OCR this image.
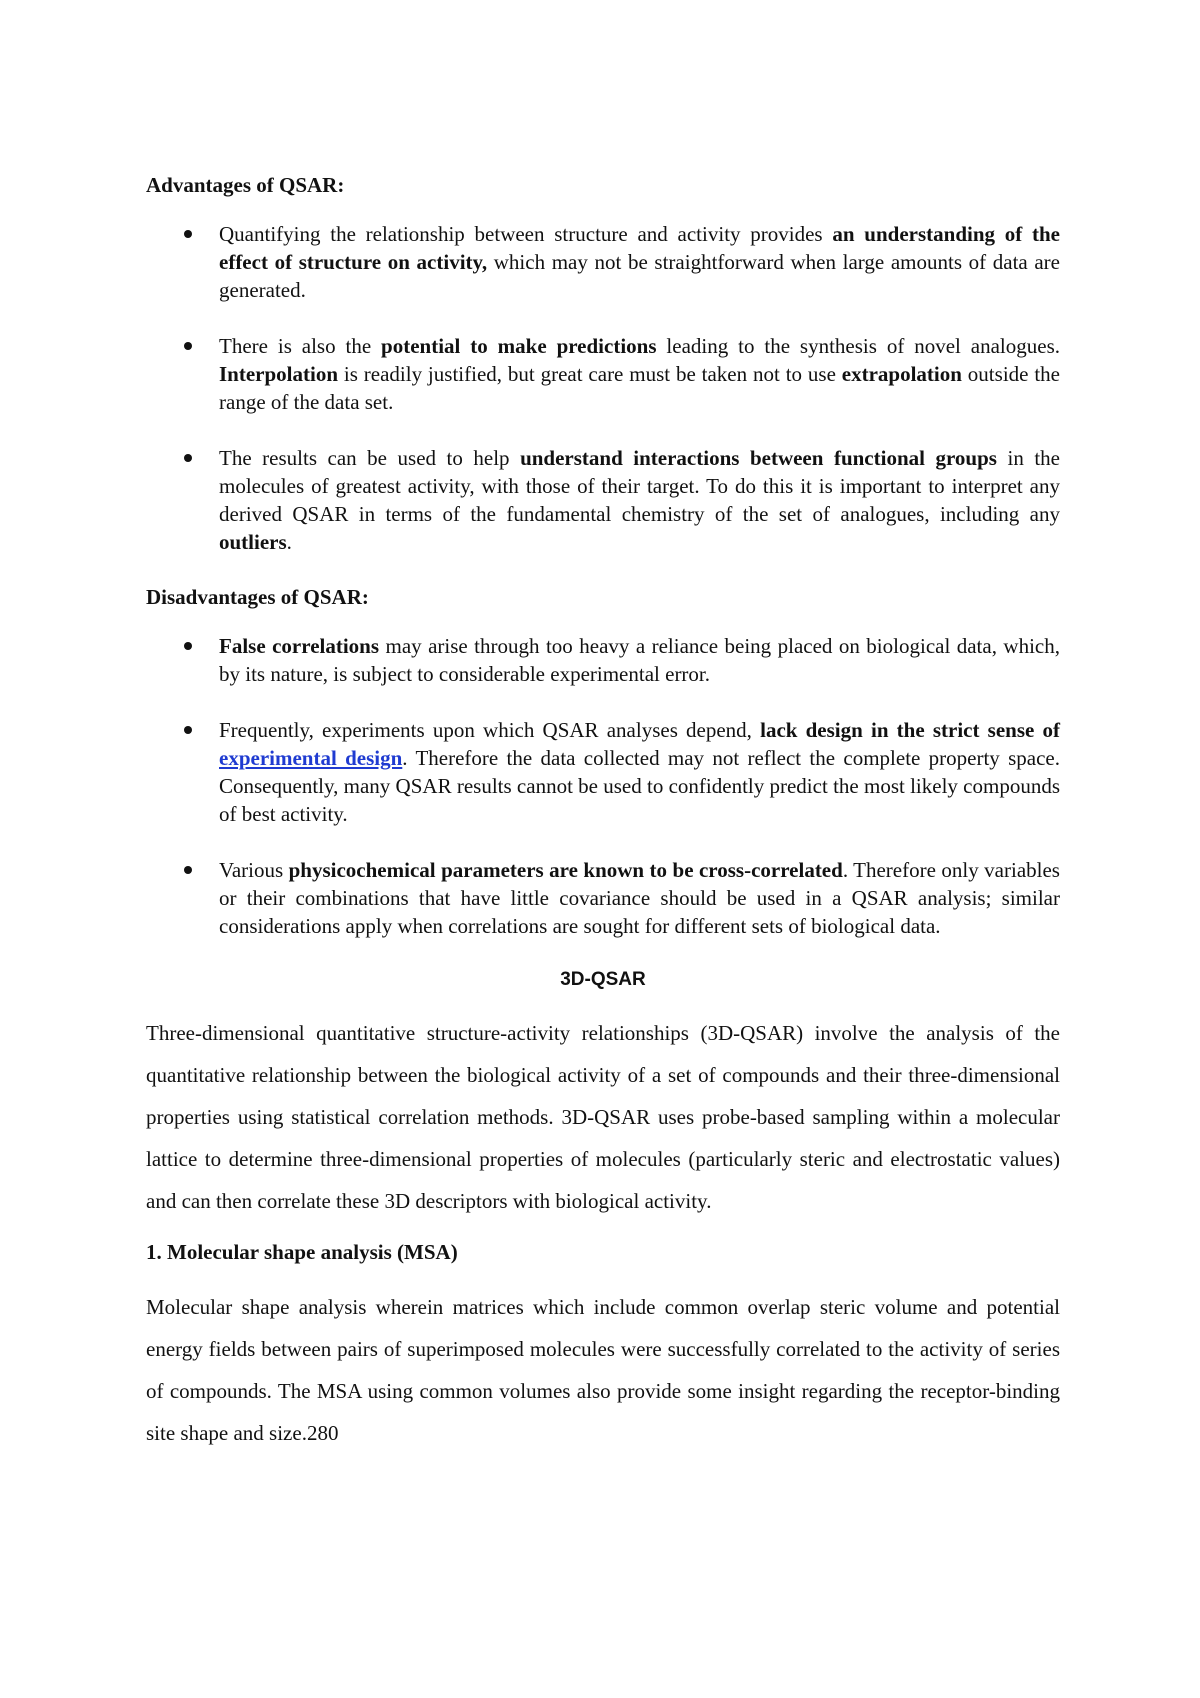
Advantages of QSAR:
Quantifying the relationship between structure and activity provides an understanding of the effect of structure on activity, which may not be straightforward when large amounts of data are generated.
There is also the potential to make predictions leading to the synthesis of novel analogues. Interpolation is readily justified, but great care must be taken not to use extrapolation outside the range of the data set.
The results can be used to help understand interactions between functional groups in the molecules of greatest activity, with those of their target. To do this it is important to interpret any derived QSAR in terms of the fundamental chemistry of the set of analogues, including any outliers.
Disadvantages of QSAR:
False correlations may arise through too heavy a reliance being placed on biological data, which, by its nature, is subject to considerable experimental error.
Frequently, experiments upon which QSAR analyses depend, lack design in the strict sense of experimental design. Therefore the data collected may not reflect the complete property space. Consequently, many QSAR results cannot be used to confidently predict the most likely compounds of best activity.
Various physicochemical parameters are known to be cross-correlated. Therefore only variables or their combinations that have little covariance should be used in a QSAR analysis; similar considerations apply when correlations are sought for different sets of biological data.
3D-QSAR

Three-dimensional quantitative structure-activity relationships (3D-QSAR) involve the analysis of the quantitative relationship between the biological activity of a set of compounds and their three-dimensional properties using statistical correlation methods. 3D-QSAR uses probe-based sampling within a molecular lattice to determine three-dimensional properties of molecules (particularly steric and electrostatic values) and can then correlate these 3D descriptors with biological activity.

1. Molecular shape analysis (MSA)

Molecular shape analysis wherein matrices which include common overlap steric volume and potential energy fields between pairs of superimposed molecules were successfully correlated to the activity of series of compounds. The MSA using common volumes also provide some insight regarding the receptor-binding site shape and size.280
